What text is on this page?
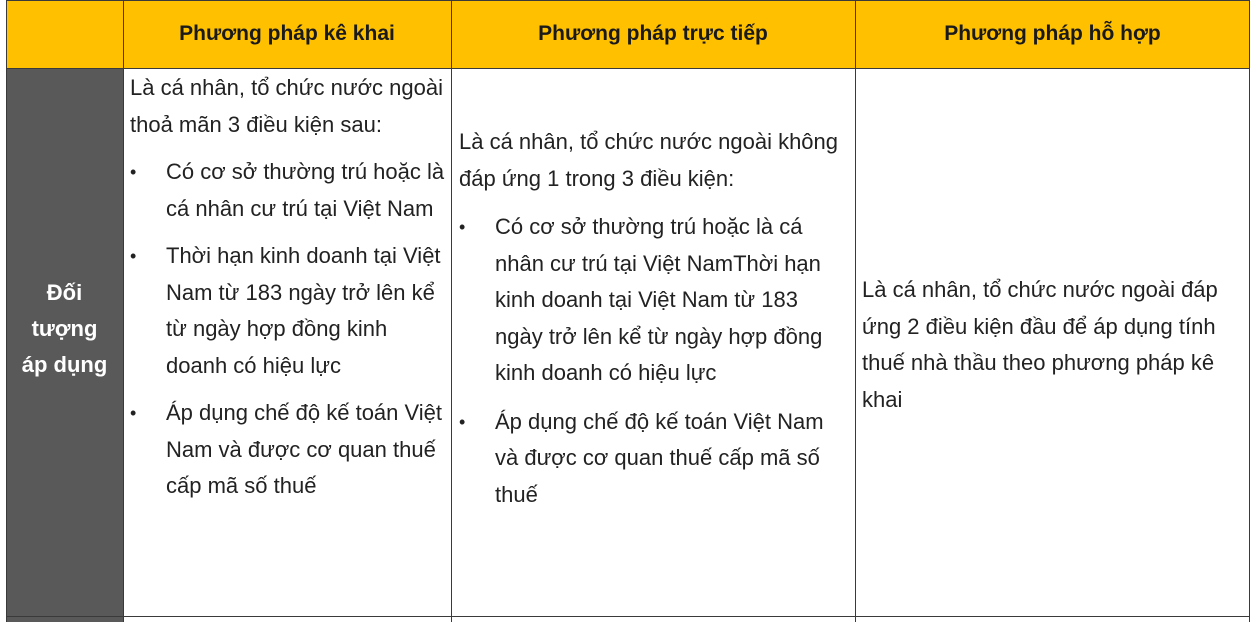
Phương pháp kê khai	Phương pháp trực tiếp	Phương pháp hỗ hợp
Đối tượng áp dụng
Là cá nhân, tổ chức nước ngoài thoả mãn 3 điều kiện sau:
• Có cơ sở thường trú hoặc là cá nhân cư trú tại Việt Nam
• Thời hạn kinh doanh tại Việt Nam từ 183 ngày trở lên kể từ ngày hợp đồng kinh doanh có hiệu lực
• Áp dụng chế độ kế toán Việt Nam và được cơ quan thuế cấp mã số thuế
Là cá nhân, tổ chức nước ngoài không đáp ứng 1 trong 3 điều kiện:
• Có cơ sở thường trú hoặc là cá nhân cư trú tại Việt NamThời hạn kinh doanh tại Việt Nam từ 183 ngày trở lên kể từ ngày hợp đồng kinh doanh có hiệu lực
• Áp dụng chế độ kế toán Việt Nam và được cơ quan thuế cấp mã số thuế
Là cá nhân, tổ chức nước ngoài đáp ứng 2 điều kiện đầu để áp dụng tính thuế nhà thầu theo phương pháp kê khai
